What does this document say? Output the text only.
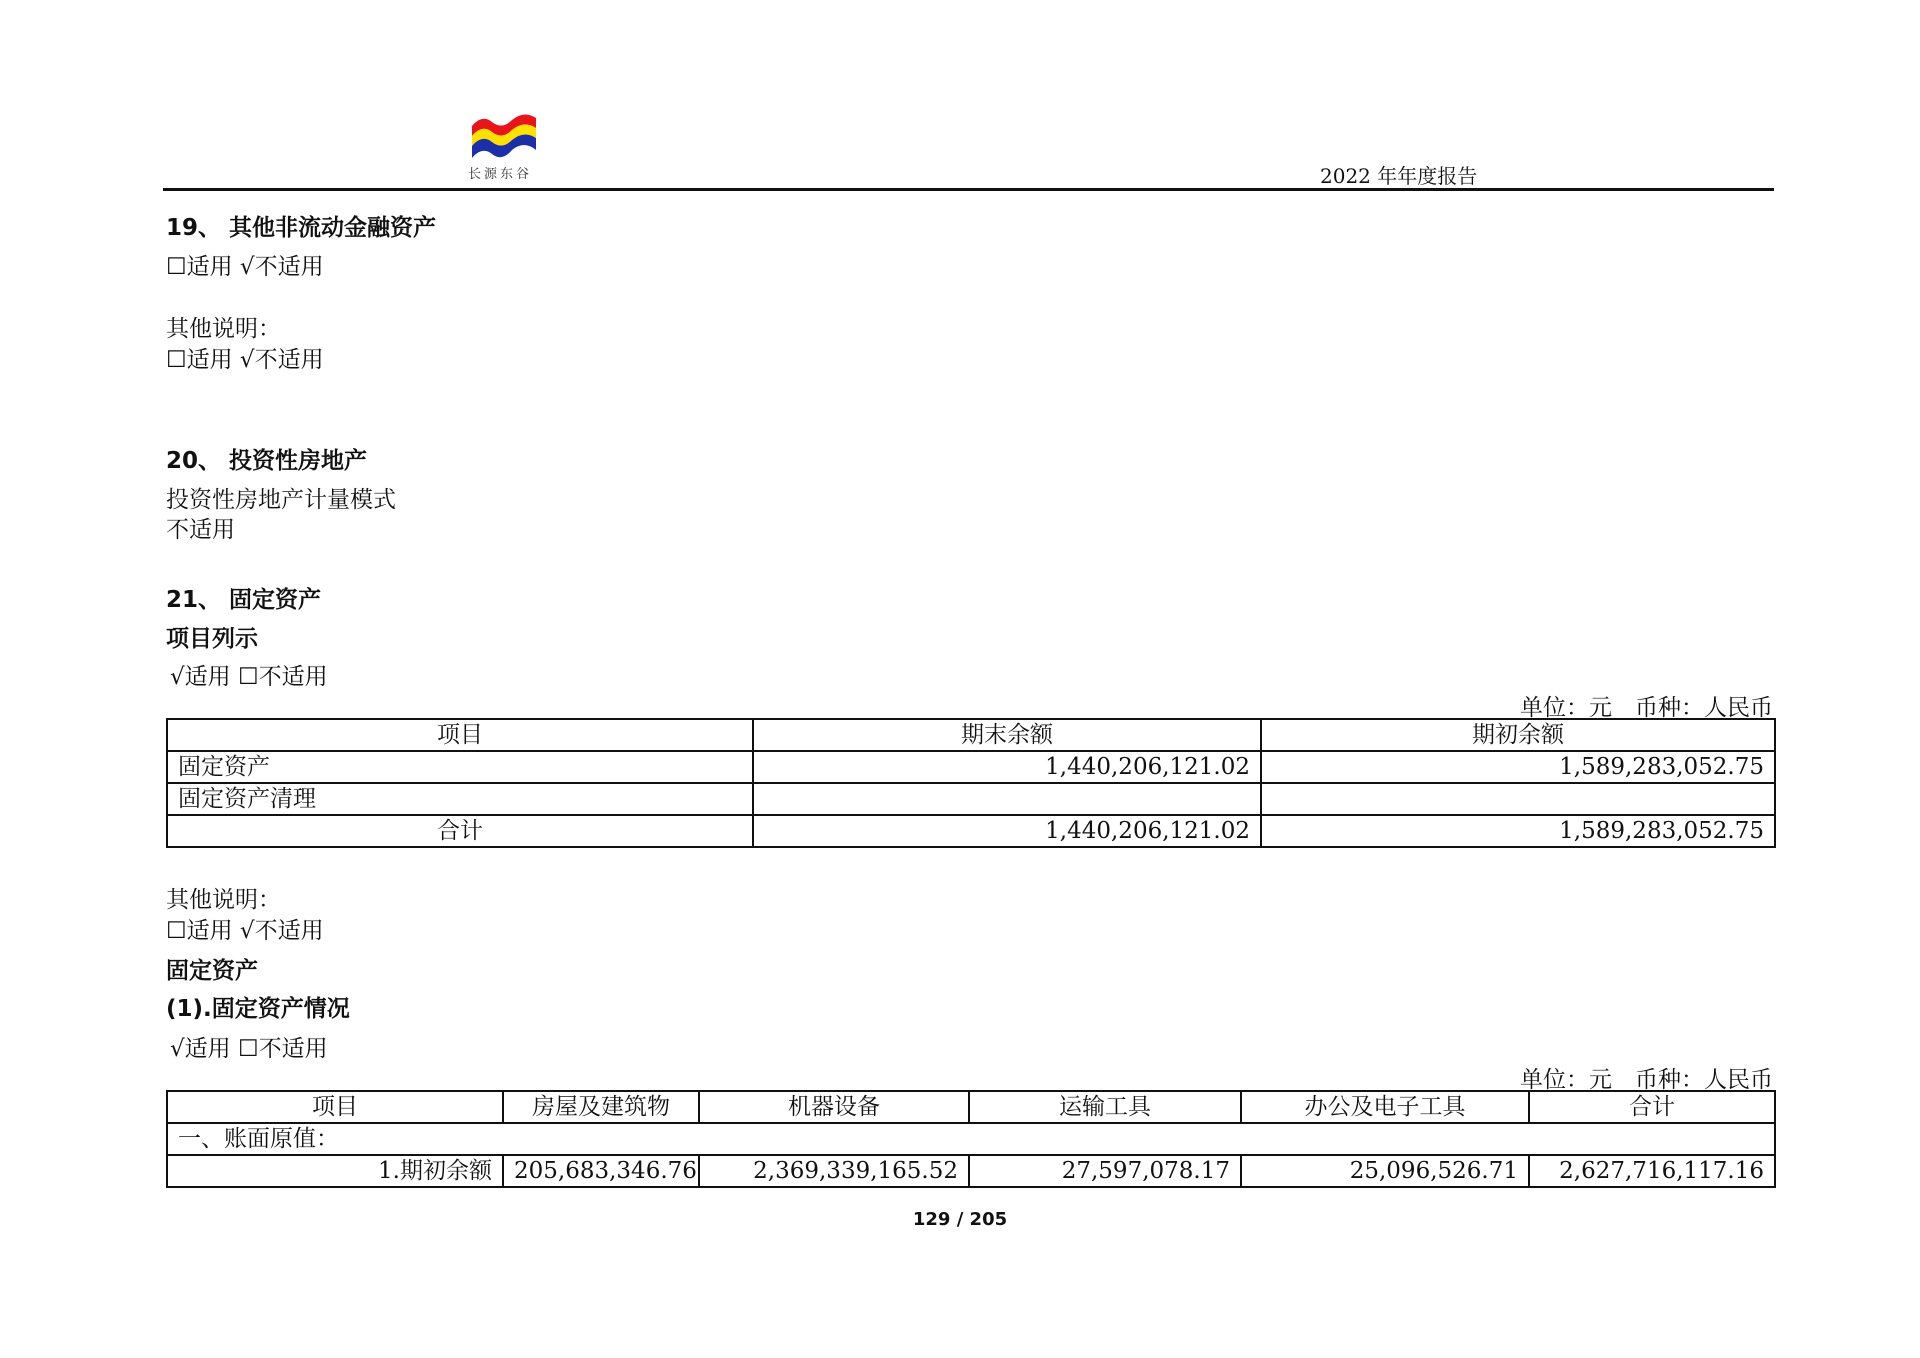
长源东谷	2022 年年度报告
19、 其他非流动金融资产
☐适用 √不适用
其他说明：
☐适用 √不适用
20、 投资性房地产
投资性房地产计量模式
不适用
21、 固定资产
项目列示
√适用 ☐不适用
单位：元　币种：人民币
项目	期末余额	期初余额
固定资产	1,440,206,121.02	1,589,283,052.75
固定资产清理		
合计	1,440,206,121.02	1,589,283,052.75
其他说明：
☐适用 √不适用
固定资产
(1).固定资产情况
√适用 ☐不适用
单位：元　币种：人民币
项目	房屋及建筑物	机器设备	运输工具	办公及电子工具	合计
一、账面原值：					
1.期初余额	205,683,346.76	2,369,339,165.52	27,597,078.17	25,096,526.71	2,627,716,117.16
129 / 205
